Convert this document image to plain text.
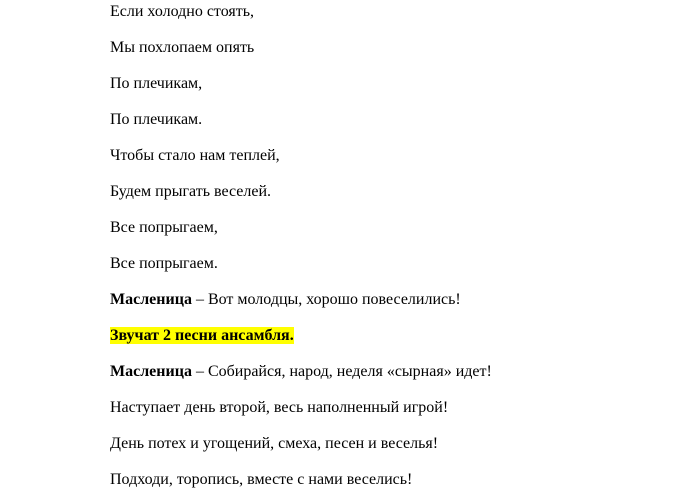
Если холодно стоять,
Мы похлопаем опять
По плечикам,
По плечикам.
Чтобы стало нам теплей,
Будем прыгать веселей.
Все попрыгаем,
Все попрыгаем.
Масленица – Вот молодцы, хорошо повеселились!
Звучат 2 песни ансамбля.
Масленица – Собирайся, народ, неделя «сырная» идет!
Наступает день второй, весь наполненный игрой!
День потех и угощений, смеха, песен и веселья!
Подходи, торопись, вместе с нами веселись!
